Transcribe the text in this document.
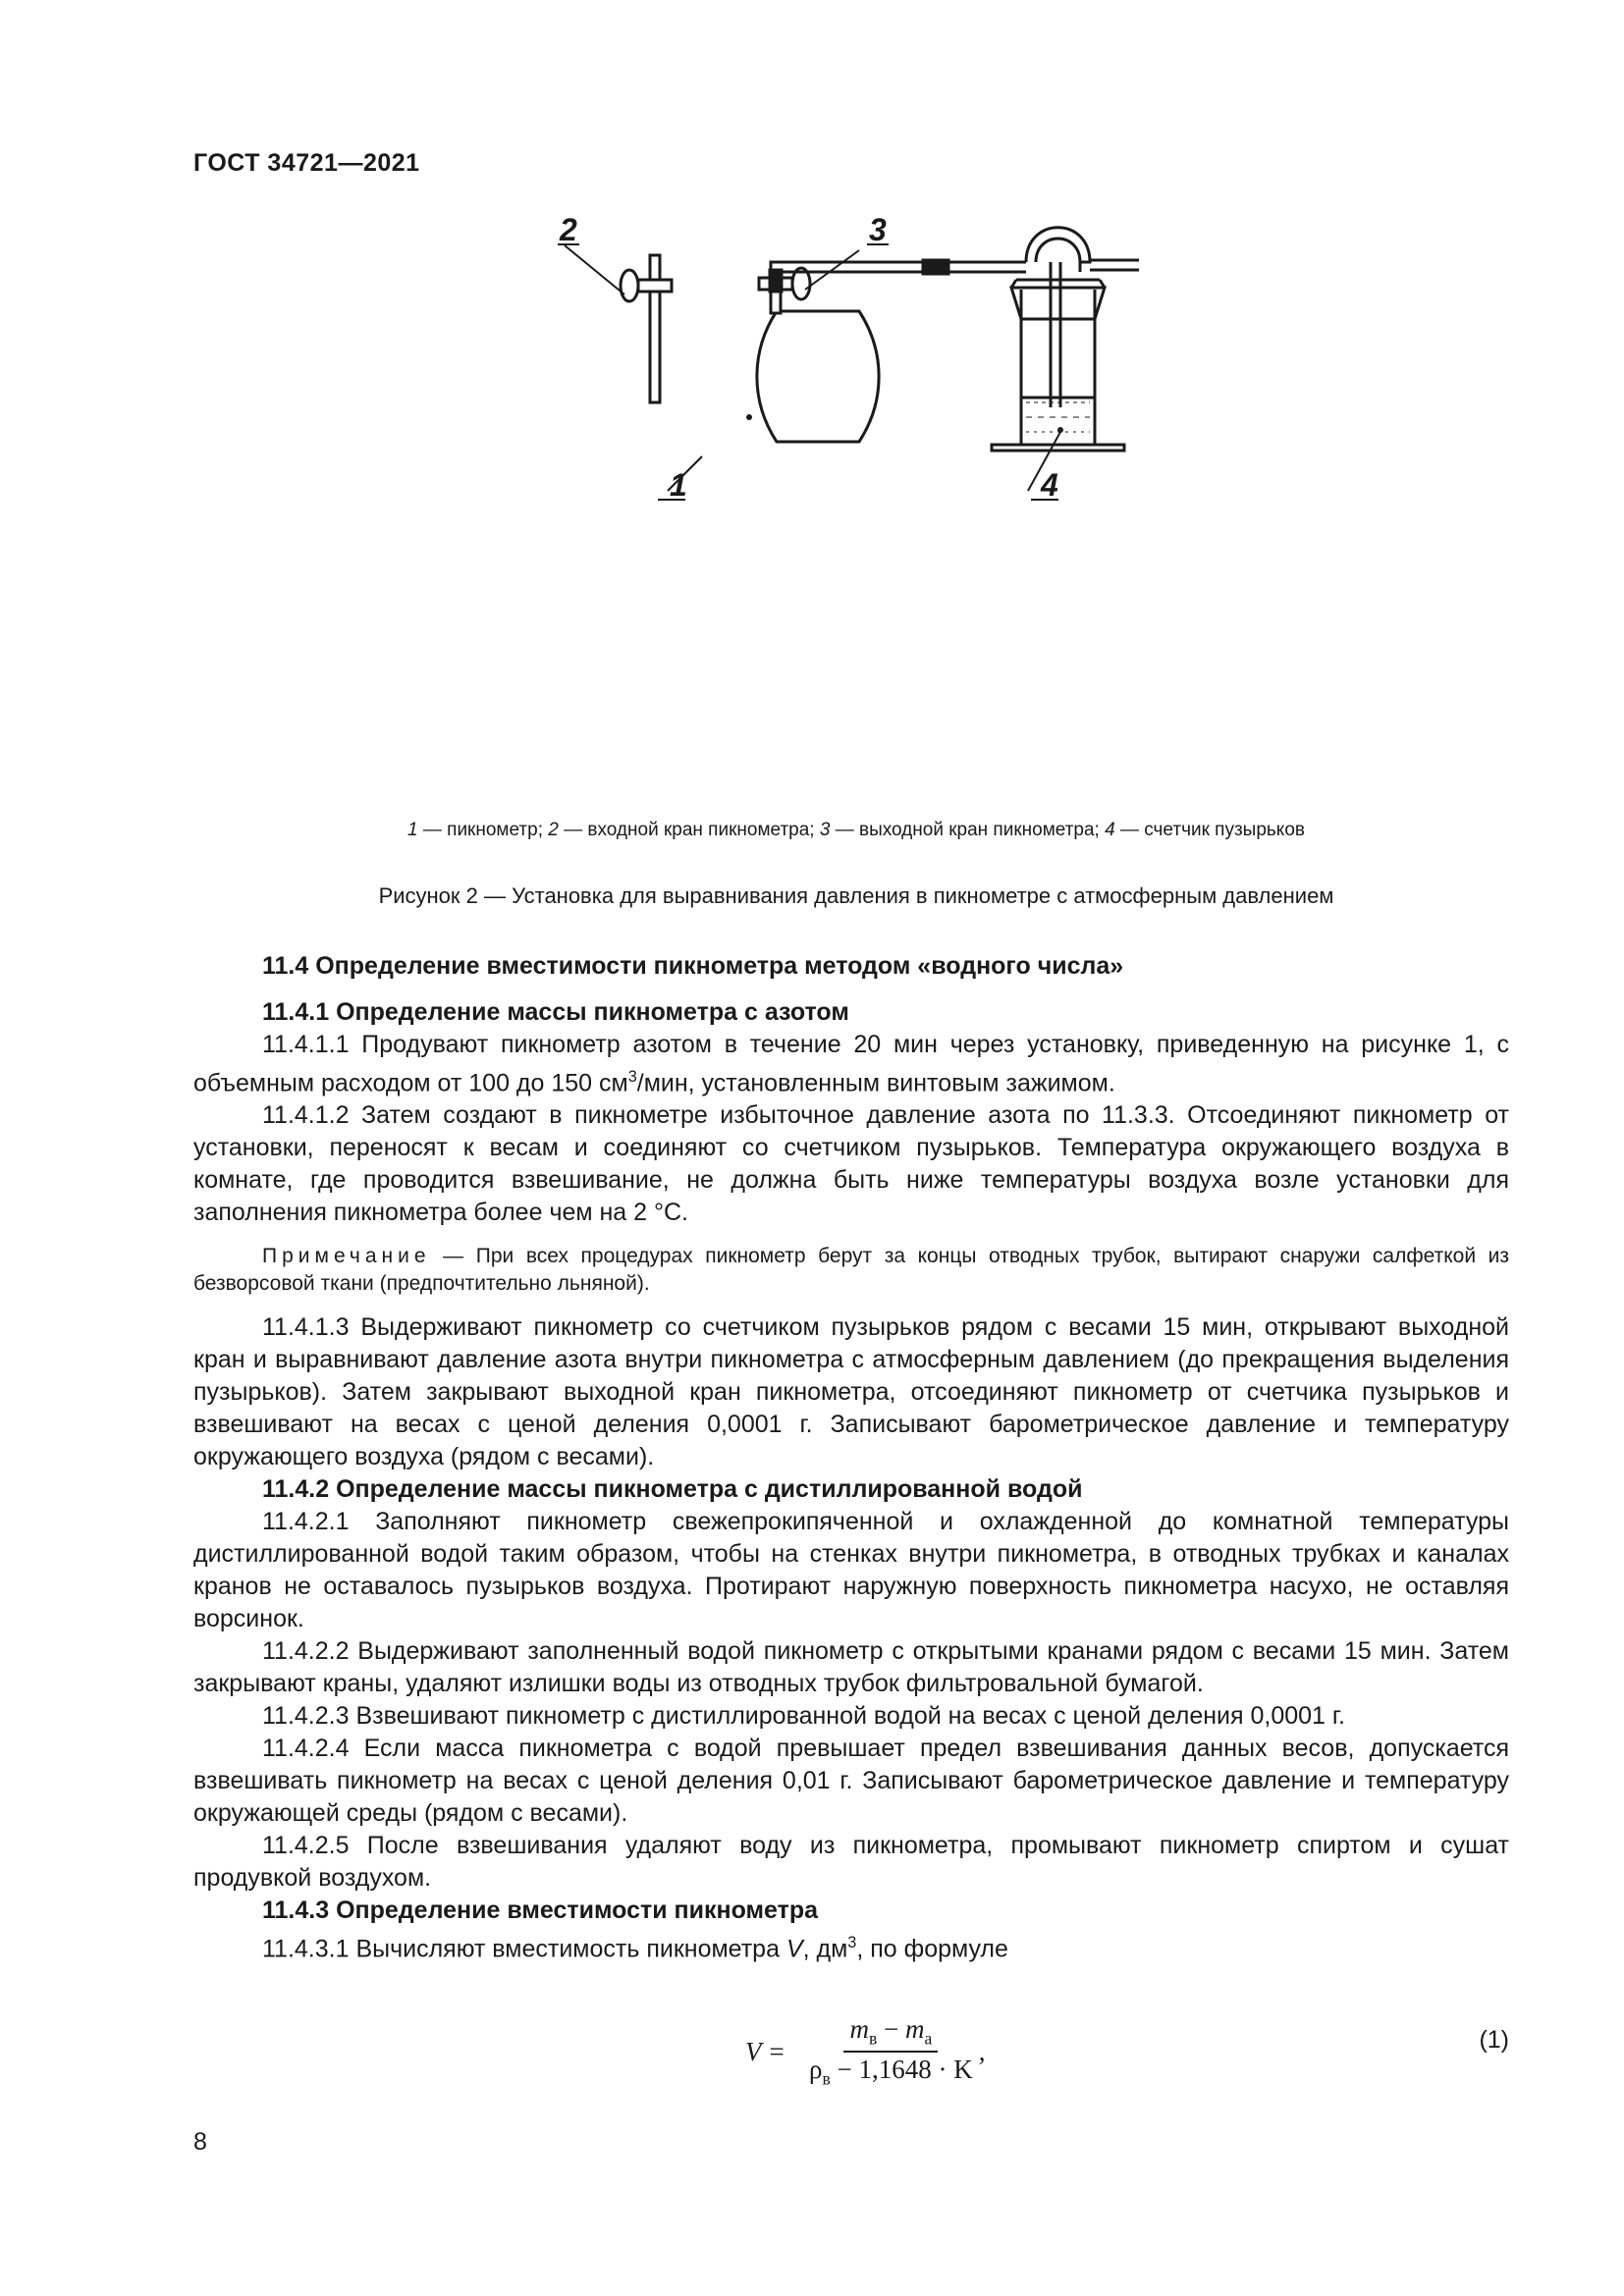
ГОСТ 34721—2021
2	3
1	4
1 — пикнометр; 2 — входной кран пикнометра; 3 — выходной кран пикнометра; 4 — счетчик пузырьков
Рисунок 2 — Установка для выравнивания давления в пикнометре с атмосферным давлением
11.4 Определение вместимости пикнометра методом «водного числа»
11.4.1 Определение массы пикнометра с азотом

11.4.1.1 Продувают пикнометр азотом в течение 20 мин через установку, приведенную на рисунке 1, с объемным расходом от 100 до 150 $см^3$/мин, установленным винтовым зажимом.

11.4.1.2 Затем создают в пикнометре избыточное давление азота по 11.3.3. Отсоединяют пикнометр от установки, переносят к весам и соединяют со счетчиком пузырьков. Температура окружающего воздуха в комнате, где проводится взвешивание, не должна быть ниже температуры воздуха возле установки для заполнения пикнометра более чем на 2 °С.

Примечание — При всех процедурах пикнометр берут за концы отводных трубок, вытирают снаружи салфеткой из безворсовой ткани (предпочтительно льняной).

11.4.1.3 Выдерживают пикнометр со счетчиком пузырьков рядом с весами 15 мин, открывают выходной кран и выравнивают давление азота внутри пикнометра с атмосферным давлением (до прекращения выделения пузырьков). Затем закрывают выходной кран пикнометра, отсоединяют пикнометр от счетчика пузырьков и взвешивают на весах с ценой деления 0,0001 г. Записывают барометрическое давление и температуру окружающего воздуха (рядом с весами).

11.4.2 Определение массы пикнометра с дистиллированной водой

11.4.2.1 Заполняют пикнометр свежепрокипяченной и охлажденной до комнатной температуры дистиллированной водой таким образом, чтобы на стенках внутри пикнометра, в отводных трубках и каналах кранов не оставалось пузырьков воздуха. Протирают наружную поверхность пикнометра насухо, не оставляя ворсинок.

11.4.2.2 Выдерживают заполненный водой пикнометр с открытыми кранами рядом с весами 15 мин. Затем закрывают краны, удаляют излишки воды из отводных трубок фильтровальной бумагой.

11.4.2.3 Взвешивают пикнометр с дистиллированной водой на весах с ценой деления 0,0001 г.

11.4.2.4 Если масса пикнометра с водой превышает предел взвешивания данных весов, допускается взвешивать пикнометр на весах с ценой деления 0,01 г. Записывают барометрическое давление и температуру окружающей среды (рядом с весами).

11.4.2.5 После взвешивания удаляют воду из пикнометра, промывают пикнометр спиртом и сушат продувкой воздухом.

11.4.3 Определение вместимости пикнометра

11.4.3.1 Вычисляют вместимость пикнометра V, $дм^3$, по формуле

$V = \frac{m_в - m_а}{\rho_в - 1,1648 \cdot K}$ ,	(1)
8
